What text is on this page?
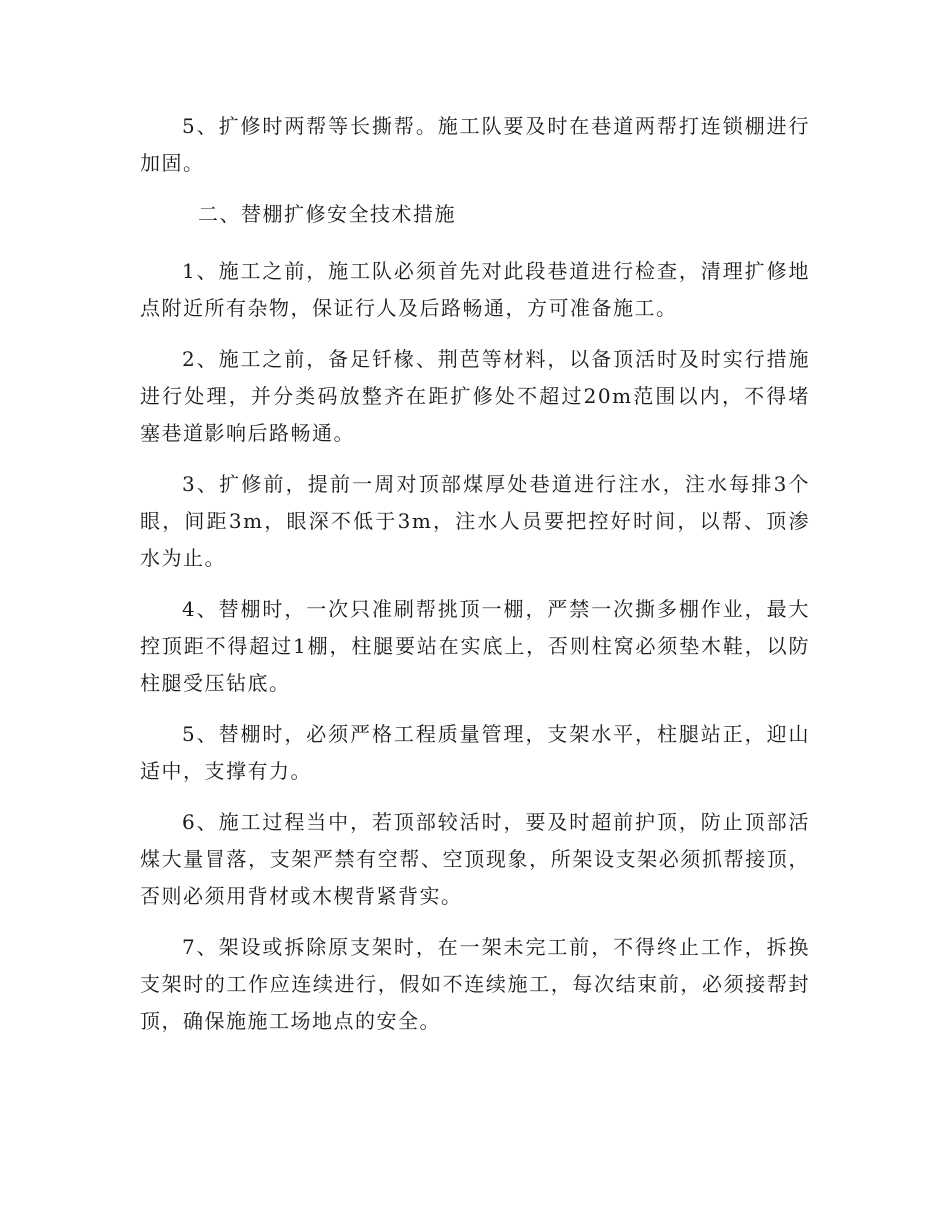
5、扩修时两帮等长撕帮。施工队要及时在巷道两帮打连锁棚进行加固。

二、替棚扩修安全技术措施

1、施工之前，施工队必须首先对此段巷道进行检查，清理扩修地点附近所有杂物，保证行人及后路畅通，方可准备施工。

2、施工之前，备足钎椽、荆芭等材料，以备顶活时及时实行措施进行处理，并分类码放整齐在距扩修处不超过20m范围以内，不得堵塞巷道影响后路畅通。

3、扩修前，提前一周对顶部煤厚处巷道进行注水，注水每排3个眼，间距3m，眼深不低于3m，注水人员要把控好时间，以帮、顶渗水为止。

4、替棚时，一次只准刷帮挑顶一棚，严禁一次撕多棚作业，最大控顶距不得超过1棚，柱腿要站在实底上，否则柱窝必须垫木鞋，以防柱腿受压钻底。

5、替棚时，必须严格工程质量管理，支架水平，柱腿站正，迎山适中，支撑有力。

6、施工过程当中，若顶部较活时，要及时超前护顶，防止顶部活煤大量冒落，支架严禁有空帮、空顶现象，所架设支架必须抓帮接顶，否则必须用背材或木楔背紧背实。

7、架设或拆除原支架时，在一架未完工前，不得终止工作，拆换支架时的工作应连续进行，假如不连续施工，每次结束前，必须接帮封顶，确保施施工场地点的安全。
